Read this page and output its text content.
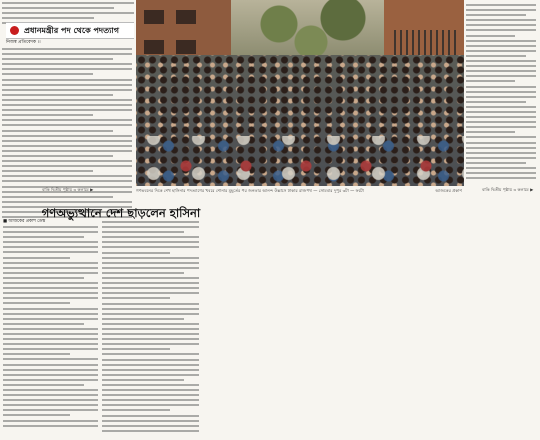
প্রধানমন্ত্রীর পদ থেকে পদত্যাগ
নিজস্ব প্রতিবেদক ।।
গণভবনের দিকে শেখ হাসিনার পদত্যাগের খবরে শোনার মুহূর্তের পর জনতার আনন্দ উল্লাসে ঢাকার রাজপথ — সোমবার দুপুর ৩টা — ফটো	আজকের প্রকাশ
বাকি দ্বিতীয় পৃষ্ঠায় ৩ কলামে ▶	বাকি দ্বিতীয় পৃষ্ঠায় ৩ কলামে ▶
গণঅভ্যুত্থানে দেশ ছাড়লেন হাসিনা
■ আজকের প্রকাশ ডেস্ক
